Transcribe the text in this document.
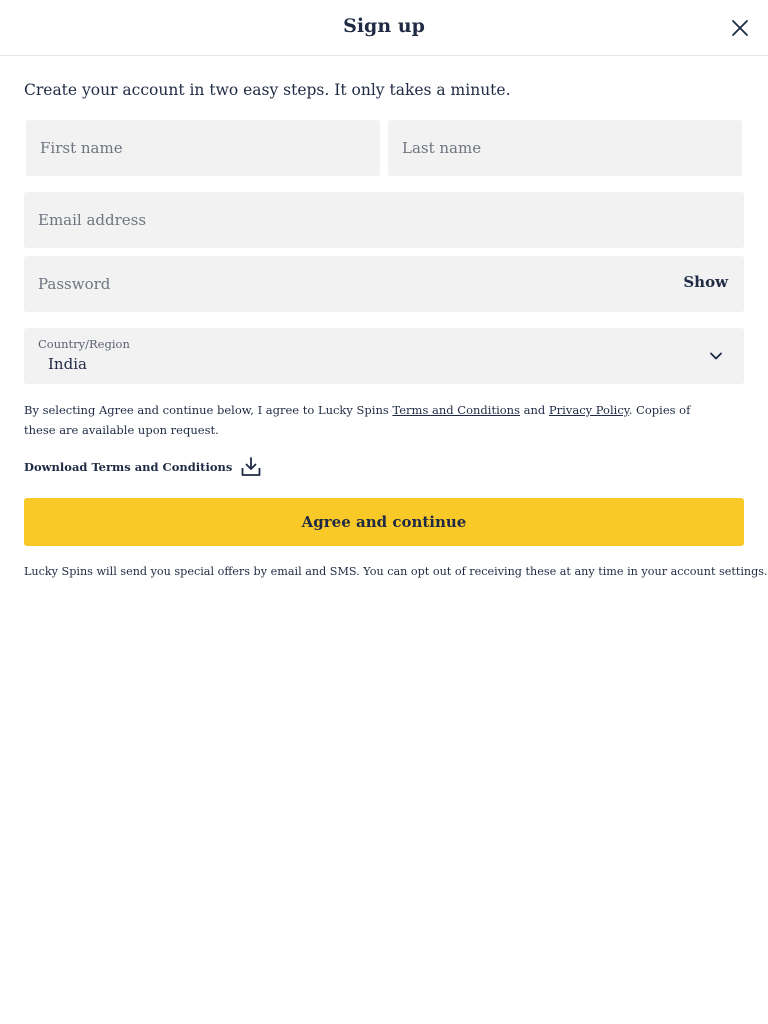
Sign up

Create your account in two easy steps. It only takes a minute.

First name
Last name
Email address
Show
Country/Region
India

By selecting Agree and continue below, I agree to Lucky Spins Terms and Conditions and Privacy Policy. Copies of these are available upon request.

Download Terms and Conditions
Agree and continue

Lucky Spins will send you special offers by email and SMS. You can opt out of receiving these at any time in your account settings.
